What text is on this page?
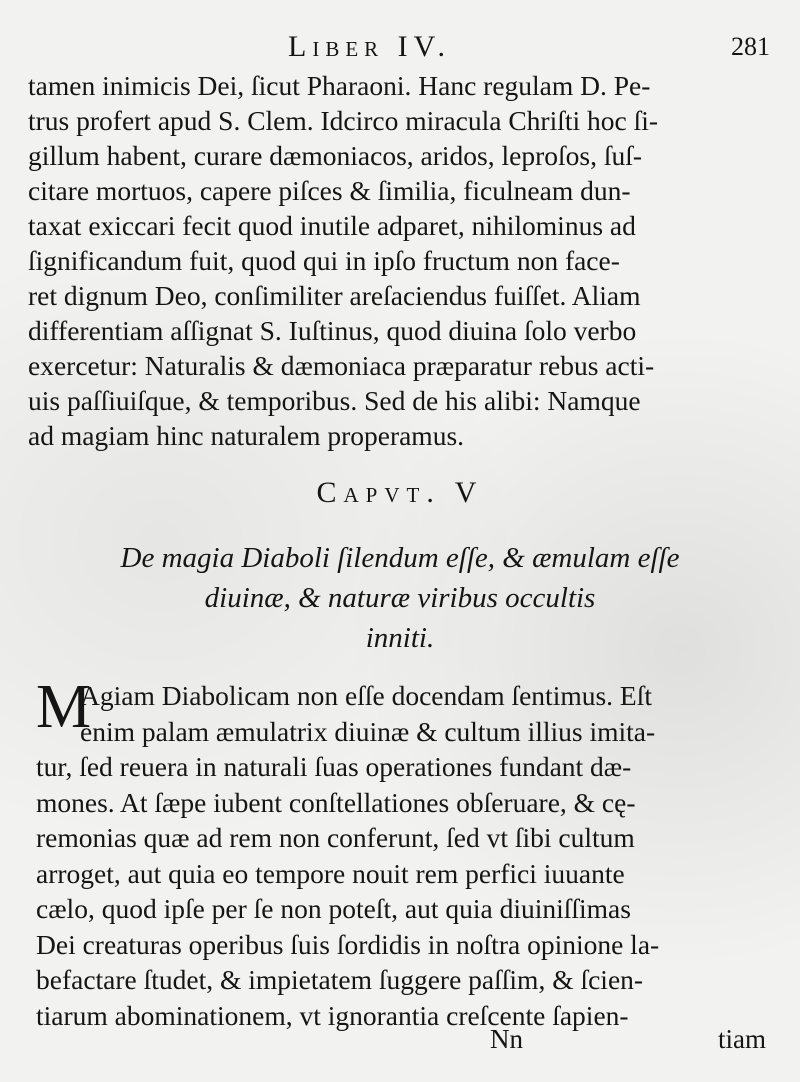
Liber IV.	281
tamen inimicis Dei, ſicut Pharaoni. Hanc regulam D. Pe-
trus profert apud S. Clem. Idcirco miracula Chriſti hoc ſi-
gillum habent, curare dæmoniacos, aridos, leproſos, ſuſ-
citare mortuos, capere piſces & ſimilia, ficulneam dun-
taxat exiccari fecit quod inutile adparet, nihilominus ad
ſignificandum fuit, quod qui in ipſo fructum non face-
ret dignum Deo, conſimiliter areſaciendus fuiſſet. Aliam
differentiam aſſignat S. Iuſtinus, quod diuina ſolo verbo
exercetur: Naturalis & dæmoniaca præparatur rebus acti-
uis paſſiuiſque, & temporibus. Sed de his alibi: Namque
ad magiam hinc naturalem properamus.
Capvt. V
De magia Diaboli ſilendum eſſe, & æmulam eſſe
diuinæ, & naturæ viribus occultis
inniti.
M
Agiam Diabolicam non eſſe docendam ſentimus. Eſt
enim palam æmulatrix diuinæ & cultum illius imita-
tur, ſed reuera in naturali ſuas operationes fundant dæ-
mones. At ſæpe iubent conſtellationes obſeruare, & cę-
remonias quæ ad rem non conferunt, ſed vt ſibi cultum
arroget, aut quia eo tempore nouit rem perfici iuuante
cælo, quod ipſe per ſe non poteſt, aut quia diuiniſſimas
Dei creaturas operibus ſuis ſordidis in noſtra opinione la-
befactare ſtudet, & impietatem ſuggere paſſim, & ſcien-
tiarum abominationem, vt ignorantia creſcente ſapien-
Nn	tiam
